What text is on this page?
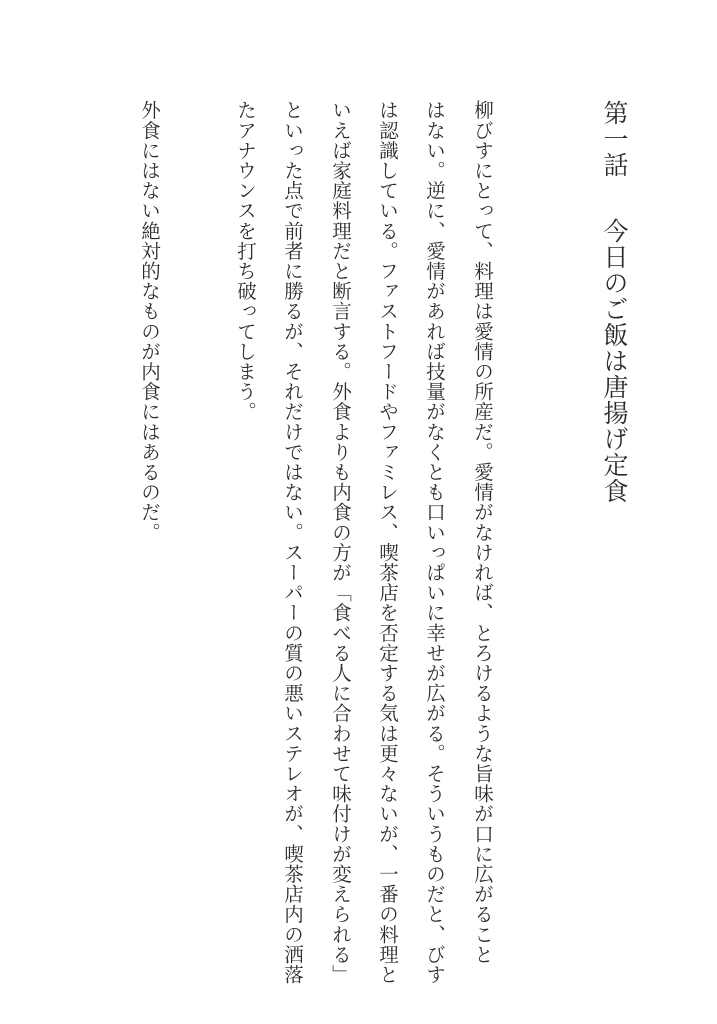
第一話今日のご飯は唐揚げ定食

外食にはない絶対的なものが内食にはあるのだ。	たアナウンスを打ち破ってしまう。	といった点で前者に勝るが、それだけではない。スーパーの質の悪いステレオが、喫茶店内の洒落	いえば家庭料理だと断言する。外食よりも内食の方が「食べる人に合わせて味付けが変えられる」	は認識している。ファストフードやファミレス、喫茶店を否定する気は更々ないが、一番の料理と	はない。逆に、愛情があれば技量がなくとも口いっぱいに幸せが広がる。そういうものだと、びす	柳びすにとって、料理は愛情の所産だ。愛情がなければ、とろけるような旨味が口に広がること
